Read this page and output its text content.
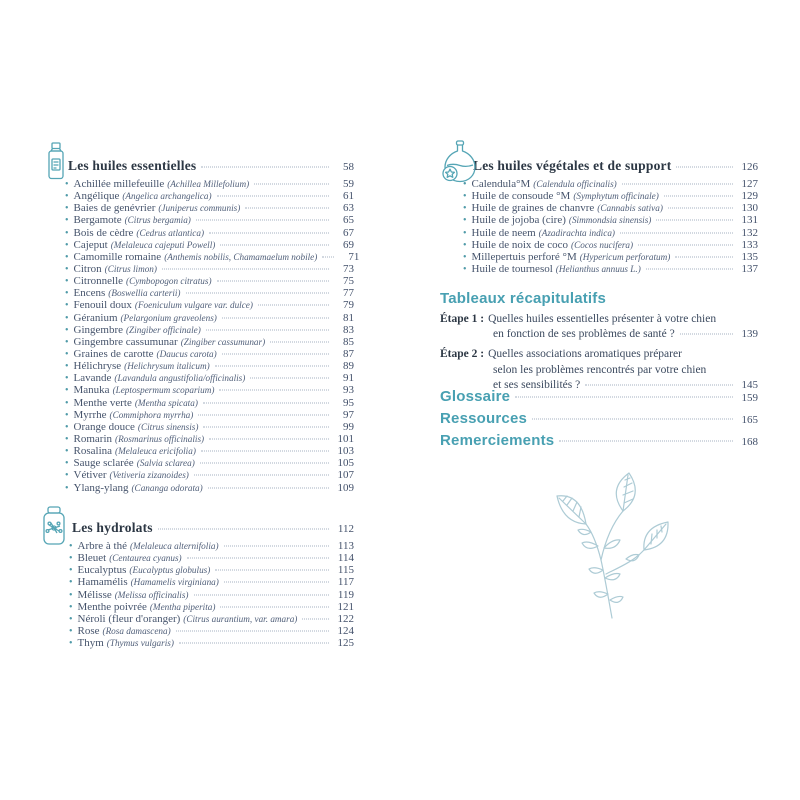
Les huiles essentielles	58
• Achillée millefeuille (Achillea Millefolium)	59
• Angélique (Angelica archangelica)	61
• Baies de genévrier (Juniperus communis)	63
• Bergamote (Citrus bergamia)	65
• Bois de cèdre (Cedrus atlantica)	67
• Cajeput (Melaleuca cajeputi Powell)	69
• Camomille romaine (Anthemis nobilis, Chamamaelum nobile)	71
• Citron (Citrus limon)	73
• Citronnelle (Cymbopogon citratus)	75
• Encens (Boswellia carterii)	77
• Fenouil doux (Foeniculum vulgare var. dulce)	79
• Géranium (Pelargonium graveolens)	81
• Gingembre (Zingiber officinale)	83
• Gingembre cassumunar (Zingiber cassumunar)	85
• Graines de carotte (Daucus carota)	87
• Hélichryse (Helichrysum italicum)	89
• Lavande (Lavandula angustifolia/officinalis)	91
• Manuka (Leptospermum scoparium)	93
• Menthe verte (Mentha spicata)	95
• Myrrhe (Commiphora myrrha)	97
• Orange douce (Citrus sinensis)	99
• Romarin (Rosmarinus officinalis)	101
• Rosalina (Melaleuca ericifolia)	103
• Sauge sclarée (Salvia sclarea)	105
• Vétiver (Vetiveria zizanoides)	107
• Ylang-ylang (Cananga odorata)	109
Les hydrolats	112
• Arbre à thé (Melaleuca alternifolia)	113
• Bleuet (Centaurea cyanus)	114
• Eucalyptus (Eucalyptus globulus)	115
• Hamamélis (Hamamelis virginiana)	117
• Mélisse (Melissa officinalis)	119
• Menthe poivrée (Mentha piperita)	121
• Néroli (fleur d'oranger) (Citrus aurantium, var. amara)	122
• Rose (Rosa damascena)	124
• Thym (Thymus vulgaris)	125
Les huiles végétales et de support	126
• Calendula°M (Calendula officinalis)	127
• Huile de consoude °M (Symphytum officinale)	129
• Huile de graines de chanvre (Cannabis sativa)	130
• Huile de jojoba (cire) (Simmondsia sinensis)	131
• Huile de neem (Azadirachta indica)	132
• Huile de noix de coco (Cocos nucifera)	133
• Millepertuis perforé °M (Hypericum perforatum)	135
• Huile de tournesol (Helianthus annuus L.)	137
Tableaux récapitulatifs
Étape 1 : Quelles huiles essentielles présenter à votre chien
en fonction de ses problèmes de santé ?	139
Étape 2 : Quelles associations aromatiques préparer
selon les problèmes rencontrés par votre chien
et ses sensibilités ?	145
Glossaire	159
Ressources	165
Remerciements	168
